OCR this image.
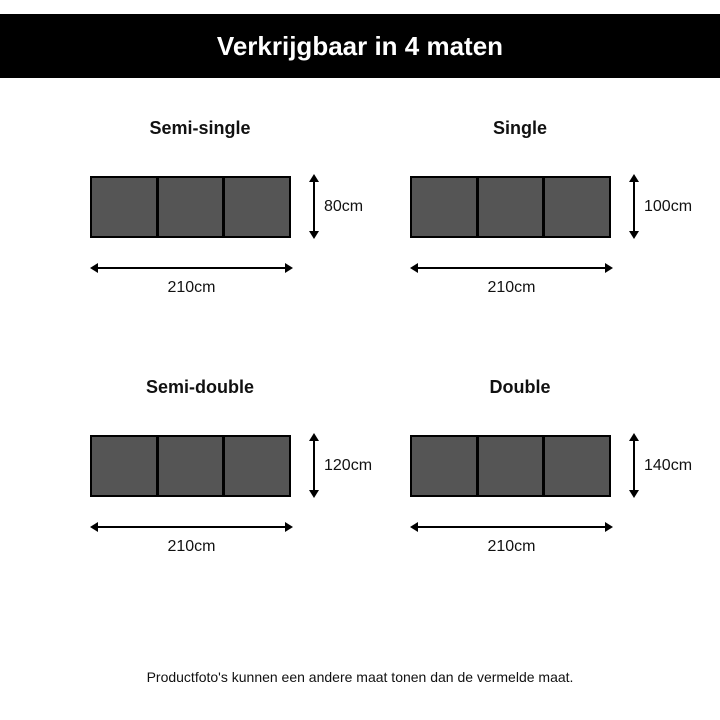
Verkrijgbaar in 4 maten
Semi-single
80cm
210cm
Single
100cm
210cm
Semi-double
120cm
210cm
Double
140cm
210cm
Productfoto's kunnen een andere maat tonen dan de vermelde maat.
